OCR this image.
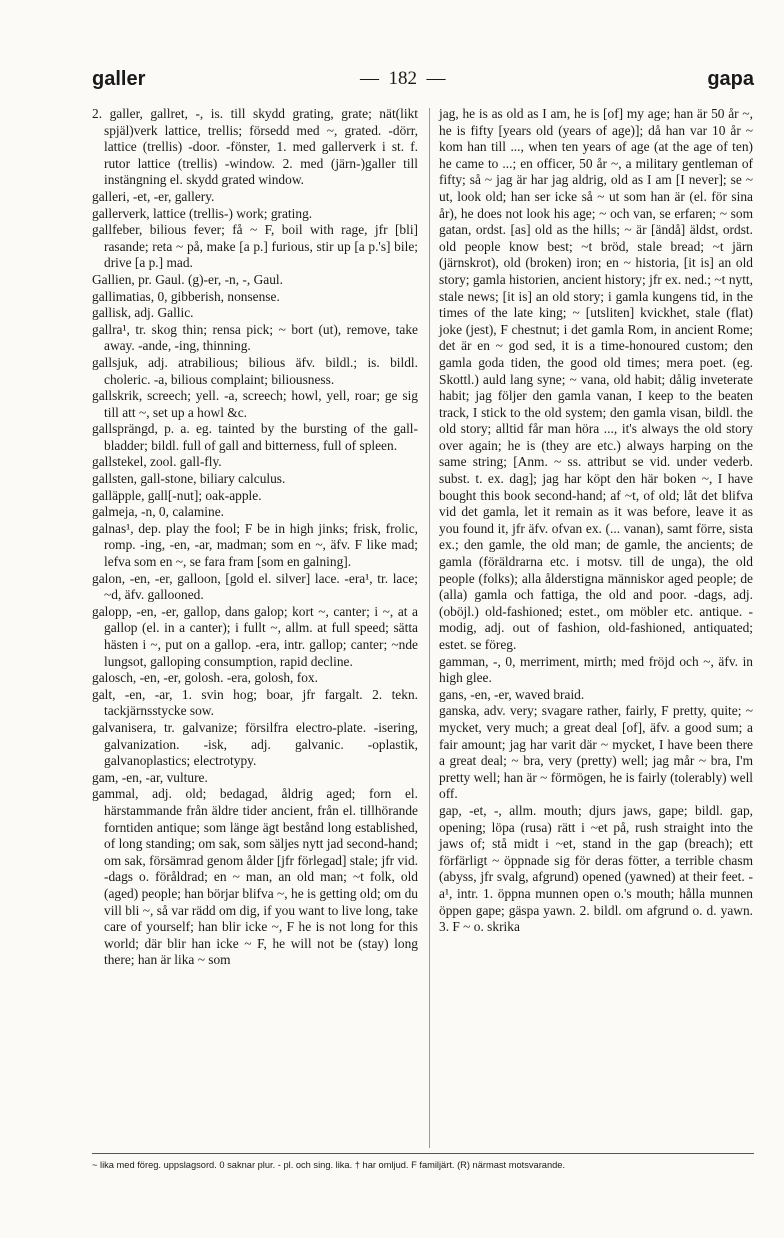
galler	—  182  —	gapa

2. galler, gallret, -, is. till skydd grating, grate; nät(likt spjäl)verk lattice, trellis; försedd med ~, grated. -dörr, lattice (trellis) -door. -fönster, 1. med gallerverk i st. f. rutor lattice (trellis) -window. 2. med (järn-)galler till instängning el. skydd grated window.

galleri, -et, -er, gallery.

gallerverk, lattice (trellis-) work; grating.

gallfeber, bilious fever; få ~ F, boil with rage, jfr [bli] rasande; reta ~ på, make [a p.] furious, stir up [a p.'s] bile; drive [a p.] mad.

Gallien, pr. Gaul. (g)-er, -n, -, Gaul.

gallimatias, 0, gibberish, nonsense.

gallisk, adj. Gallic.

gallra¹, tr. skog thin; rensa pick; ~ bort (ut), remove, take away. -ande, -ing, thinning.

gallsjuk, adj. atrabilious; bilious äfv. bildl.; is. bildl. choleric. -a, bilious complaint; biliousness.

gallskrik, screech; yell. -a, screech; howl, yell, roar; ge sig till att ~, set up a howl &c.

gallsprängd, p. a. eg. tainted by the bursting of the gall-bladder; bildl. full of gall and bitterness, full of spleen.

gallstekel, zool. gall-fly.

gallsten, gall-stone, biliary calculus.

galläpple, gall[-nut]; oak-apple.

galmeja, -n, 0, calamine.

galnas¹, dep. play the fool; F be in high jinks; frisk, frolic, romp. -ing, -en, -ar, madman; som en ~, äfv. F like mad; lefva som en ~, se fara fram [som en galning].

galon, -en, -er, galloon, [gold el. silver] lace. -era¹, tr. lace; ~d, äfv. gallooned.

galopp, -en, -er, gallop, dans galop; kort ~, canter; i ~, at a gallop (el. in a canter); i fullt ~, allm. at full speed; sätta hästen i ~, put on a gallop. -era, intr. gallop; canter; ~nde lungsot, galloping consumption, rapid decline.

galosch, -en, -er, golosh. -era, golosh, fox.

galt, -en, -ar, 1. svin hog; boar, jfr fargalt. 2. tekn. tackjärnsstycke sow.

galvanisera, tr. galvanize; försilfra electro-plate. -isering, galvanization. -isk, adj. galvanic. -oplastik, galvanoplastics; electrotypy.

gam, -en, -ar, vulture.

gammal, adj. old; bedagad, åldrig aged; forn el. härstammande från äldre tider ancient, från el. tillhörande forntiden antique; som länge ägt bestånd long established, of long standing; om sak, som säljes nytt jad second-hand; om sak, försämrad genom ålder [jfr förlegad] stale; jfr vid. -dags o. föråldrad; en ~ man, an old man; ~t folk, old (aged) people; han börjar blifva ~, he is getting old; om du vill bli ~, så var rädd om dig, if you want to live long, take care of yourself; han blir icke ~, F he is not long for this world; där blir han icke ~ F, he will not be (stay) long there; han är lika ~ som

jag, he is as old as I am, he is [of] my age; han är 50 år ~, he is fifty [years old (years of age)]; då han var 10 år ~ kom han till ..., when ten years of age (at the age of ten) he came to ...; en officer, 50 år ~, a military gentleman of fifty; så ~ jag är har jag aldrig, old as I am [I never]; se ~ ut, look old; han ser icke så ~ ut som han är (el. för sina år), he does not look his age; ~ och van, se erfaren; ~ som gatan, ordst. [as] old as the hills; ~ är [ändå] äldst, ordst. old people know best; ~t bröd, stale bread; ~t järn (järnskrot), old (broken) iron; en ~ historia, [it is] an old story; gamla historien, ancient history; jfr ex. ned.; ~t nytt, stale news; [it is] an old story; i gamla kungens tid, in the times of the late king; ~ [utsliten] kvickhet, stale (flat) joke (jest), F chestnut; i det gamla Rom, in ancient Rome; det är en ~ god sed, it is a time-honoured custom; den gamla goda tiden, the good old times; mera poet. (eg. Skottl.) auld lang syne; ~ vana, old habit; dålig inveterate habit; jag följer den gamla vanan, I keep to the beaten track, I stick to the old system; den gamla visan, bildl. the old story; alltid får man höra ..., it's always the old story over again; he is (they are etc.) always harping on the same string; [Anm. ~ ss. attribut se vid. under vederb. subst. t. ex. dag]; jag har köpt den här boken ~, I have bought this book second-hand; af ~t, of old; låt det blifva vid det gamla, let it remain as it was before, leave it as you found it, jfr äfv. ofvan ex. (... vanan), samt förre, sista ex.; den gamle, the old man; de gamle, the ancients; de gamla (föräldrarna etc. i motsv. till de unga), the old people (folks); alla ålderstigna människor aged people; de (alla) gamla och fattiga, the old and poor. -dags, adj. (oböjl.) old-fashioned; estet., om möbler etc. antique. -modig, adj. out of fashion, old-fashioned, antiquated; estet. se föreg.

gamman, -, 0, merriment, mirth; med fröjd och ~, äfv. in high glee.

gans, -en, -er, waved braid.

ganska, adv. very; svagare rather, fairly, F pretty, quite; ~ mycket, very much; a great deal [of], äfv. a good sum; a fair amount; jag har varit där ~ mycket, I have been there a great deal; ~ bra, very (pretty) well; jag mår ~ bra, I'm pretty well; han är ~ förmögen, he is fairly (tolerably) well off.

gap, -et, -, allm. mouth; djurs jaws, gape; bildl. gap, opening; löpa (rusa) rätt i ~et på, rush straight into the jaws of; stå midt i ~et, stand in the gap (breach); ett förfärligt ~ öppnade sig för deras fötter, a terrible chasm (abyss, jfr svalg, afgrund) opened (yawned) at their feet. -a¹, intr. 1. öppna munnen open o.'s mouth; hålla munnen öppen gape; gäspa yawn. 2. bildl. om afgrund o. d. yawn. 3. F ~ o. skrika

~ lika med föreg. uppslagsord. 0 saknar plur. - pl. och sing. lika. † har omljud. F familjärt. (R) närmast motsvarande.
